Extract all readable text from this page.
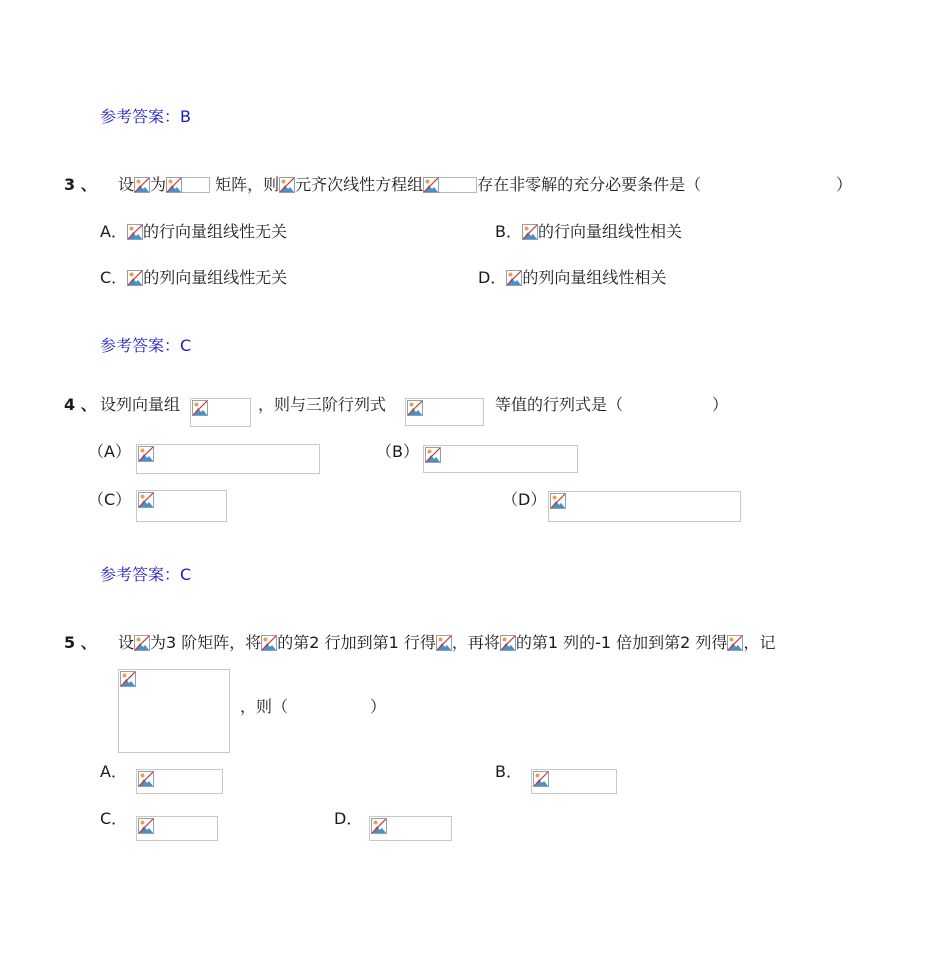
参考答案：B
3 、 设 为	矩阵，则 元齐次线性方程组	存在非零解的充分必要条件是（	）
A． 的行向量组线性无关	B． 的行向量组线性相关
C． 的列向量组线性无关	D． 的列向量组线性相关
参考答案：C
4 、 设列向量组	，则与三阶行列式	等值的行列式是（	）
（A）	（B）
（C）	（D）
参考答案：C
5 、 设 为3 阶矩阵，将 的第2 行加到第1 行得 ，再将 的第1 列的-1 倍加到第2 列得 ，记
，则（	）
A．	B．
C．	D．
